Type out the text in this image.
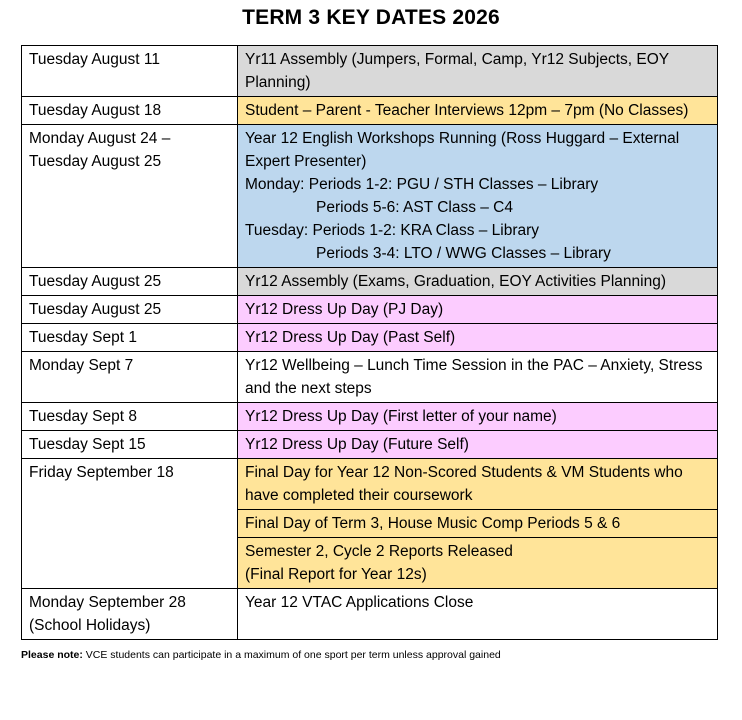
TERM 3 KEY DATES 2026
Tuesday August 11	Yr11 Assembly (Jumpers, Formal, Camp, Yr12 Subjects, EOY Planning)
Tuesday August 18	Student – Parent - Teacher Interviews 12pm – 7pm (No Classes)

Monday August 24 –
Tuesday August 25	Year 12 English Workshops Running (Ross Huggard – External Expert Presenter)
Monday: Periods 1-2: PGU / STH Classes – Library
Periods 5-6: AST Class – C4
Tuesday: Periods 1-2: KRA Class – Library
Periods 3-4: LTO / WWG Classes – Library

Tuesday August 25	Yr12 Assembly (Exams, Graduation, EOY Activities Planning)
Tuesday August 25	Yr12 Dress Up Day (PJ Day)
Tuesday Sept 1	Yr12 Dress Up Day (Past Self)
Monday Sept 7	Yr12 Wellbeing – Lunch Time Session in the PAC – Anxiety, Stress and the next steps
Tuesday Sept 8	Yr12 Dress Up Day (First letter of your name)
Tuesday Sept 15	Yr12 Dress Up Day (Future Self)
Friday September 18	Final Day for Year 12 Non-Scored Students & VM Students who have completed their coursework
	Final Day of Term 3, House Music Comp Periods 5 & 6

	Semester 2, Cycle 2 Reports Released
(Final Report for Year 12s)

Monday September 28
(School Holidays)	Year 12 VTAC Applications Close
Please note: VCE students can participate in a maximum of one sport per term unless approval gained
